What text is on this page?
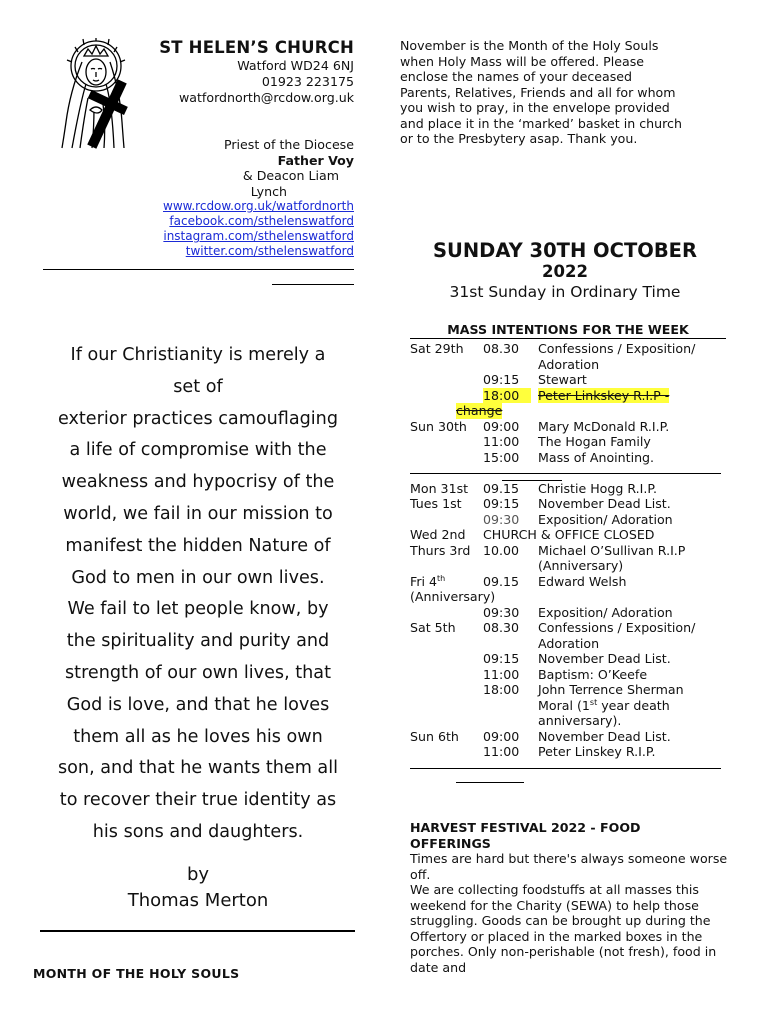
ST HELEN’S CHURCH
Watford WD24 6NJ
01923 223175
watfordnorth@rcdow.org.uk
Priest of the Diocese
Father Voy
& Deacon Liam
Lynch
www.rcdow.org.uk/watfordnorth
facebook.com/sthelenswatford
instagram.com/sthelenswatford
twitter.com/sthelenswatford
If our Christianity is merely a
set of
exterior practices camouflaging
a life of compromise with the
weakness and hypocrisy of the
world, we fail in our mission to
manifest the hidden Nature of
God to men in our own lives.
We fail to let people know, by
the spirituality and purity and
strength of our own lives, that
God is love, and that he loves
them all as he loves his own
son, and that he wants them all
to recover their true identity as
his sons and daughters.
by
Thomas Merton
MONTH OF THE HOLY SOULS
November is the Month of the Holy Souls
when Holy Mass will be offered. Please
enclose the names of your deceased
Parents, Relatives, Friends and all for whom
you wish to pray, in the envelope provided
and place it in the ‘marked’ basket in church
or to the Presbytery asap. Thank you.
SUNDAY 30TH OCTOBER
2022
31st Sunday in Ordinary Time
MASS INTENTIONS FOR THE WEEK
Sat 29th 08.30 Confessions / Exposition/
Adoration
09:15 Stewart
18:00	Peter Linkskey R.I.P -
change
Sun 30th 09:00 Mary McDonald R.I.P.
11:00 The Hogan Family
15:00 Mass of Anointing.
Mon 31st 09.15 Christie Hogg R.I.P.
Tues 1st 09:15 November Dead List.
09:30 Exposition/ Adoration
Wed 2nd CHURCH & OFFICE CLOSED
Thurs 3rd 10.00 Michael O’Sullivan R.I.P
(Anniversary)
Fri 4th	09.15 Edward Welsh
(Anniversary)
09:30 Exposition/ Adoration
Sat 5th 08.30 Confessions / Exposition/
Adoration
09:15 November Dead List.
11:00 Baptism: O’Keefe
18:00 John Terrence Sherman
Moral (1st year death
anniversary).
Sun 6th 09:00 November Dead List.
11:00 Peter Linskey R.I.P.
HARVEST FESTIVAL 2022 - FOOD OFFERINGS

Times are hard but there's always someone worse off.

We are collecting foodstuffs at all masses this weekend for the Charity (SEWA) to help those struggling. Goods can be brought up during the Offertory or placed in the marked boxes in the porches. Only non-perishable (not fresh), food in date and
